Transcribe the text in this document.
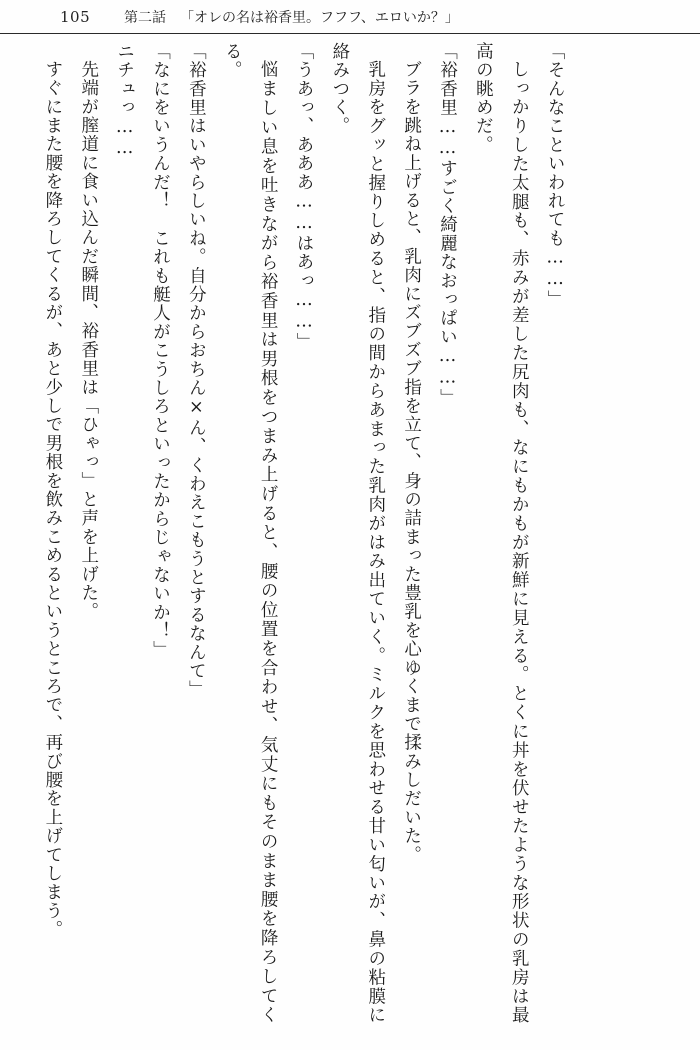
105	第二話 「オレの名は裕香里。フフフ、エロいか？」

「そんなこといわれても……」

しっかりした太腿も、赤みが差した尻肉も、なにもかもが新鮮に見える。とくに丼を伏せたような形状の乳房は最高の眺めだ。

「裕香里……すごく綺麗なおっぱい……」

ブラを跳ね上げると、乳肉にズブズブ指を立て、身の詰まった豊乳を心ゆくまで揉みしだいた。

乳房をグッと握りしめると、指の間からあまった乳肉がはみ出ていく。ミルクを思わせる甘い匂いが、鼻の粘膜に絡みつく。

「うあっ、あああ……はあっ……」

悩ましい息を吐きながら裕香里は男根をつまみ上げると、腰の位置を合わせ、気丈にもそのまま腰を降ろしてくる。

「裕香里はいやらしいね。自分からおちん×ん、くわえこもうとするなんて」

「なにをいうんだ！　これも艇人がこうしろといったからじゃないか！」

ニチュっ……

先端が膣道に食い込んだ瞬間、裕香里は「ひゃっ」と声を上げた。

すぐにまた腰を降ろしてくるが、あと少しで男根を飲みこめるというところで、再び腰を上げてしまう。
